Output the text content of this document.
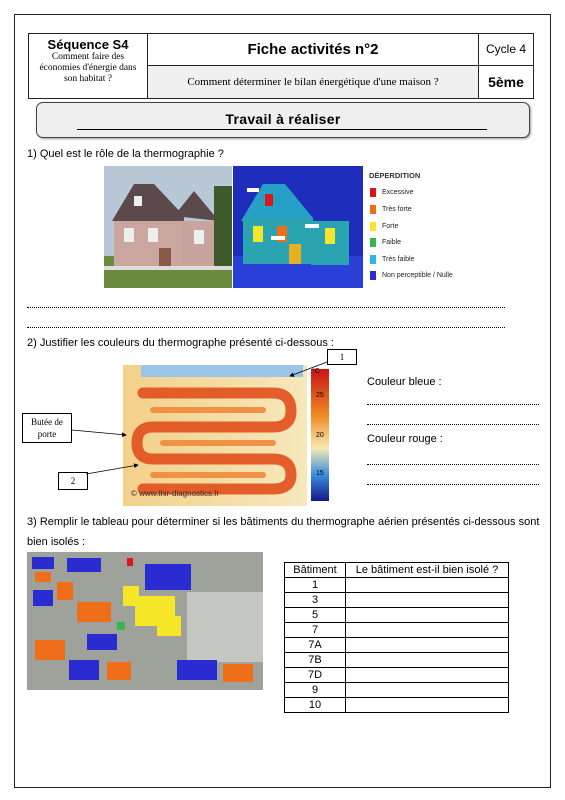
Séquence S4
Comment faire des économies d'énergie dans son habitat ?
Fiche activités n°2
Comment déterminer le bilan énergétique d'une maison ?
Cycle 4
5ème
Travail à réaliser
1) Quel est le rôle de la thermographie ?
DÉPERDITION
Excessive
Très forte
Forte
Faible
Très faible
Non perceptible / Nulle
2) Justifier les couleurs du thermographe présenté ci-dessous :
°C
25
20
15
© www.thir-diagnostics.fr
1
Butée de porte
2
Couleur bleue :
Couleur rouge :
3) Remplir le tableau pour déterminer si les bâtiments du thermographe aérien présentés ci-dessous sont bien isolés :
Bâtiment	Le bâtiment est-il bien isolé ?
1	
3	
5	
7	
7A	
7B	
7D	
9	
10	
